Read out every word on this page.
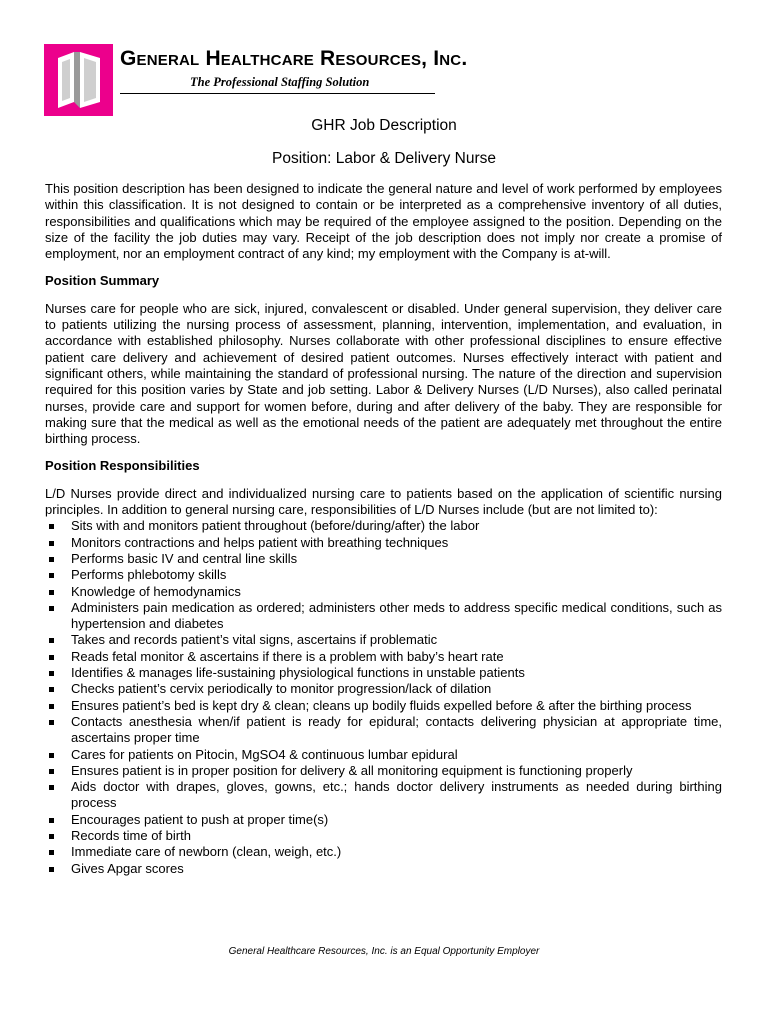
General Healthcare Resources, Inc.
The Professional Staffing Solution
GHR Job Description
Position: Labor & Delivery Nurse

This position description has been designed to indicate the general nature and level of work performed by employees within this classification. It is not designed to contain or be interpreted as a comprehensive inventory of all duties, responsibilities and qualifications which may be required of the employee assigned to the position. Depending on the size of the facility the job duties may vary. Receipt of the job description does not imply nor create a promise of employment, nor an employment contract of any kind; my employment with the Company is at-will.

Position Summary

Nurses care for people who are sick, injured, convalescent or disabled. Under general supervision, they deliver care to patients utilizing the nursing process of assessment, planning, intervention, implementation, and evaluation, in accordance with established philosophy. Nurses collaborate with other professional disciplines to ensure effective patient care delivery and achievement of desired patient outcomes. Nurses effectively interact with patient and significant others, while maintaining the standard of professional nursing. The nature of the direction and supervision required for this position varies by State and job setting. Labor & Delivery Nurses (L/D Nurses), also called perinatal nurses, provide care and support for women before, during and after delivery of the baby. They are responsible for making sure that the medical as well as the emotional needs of the patient are adequately met throughout the entire birthing process.

Position Responsibilities

L/D Nurses provide direct and individualized nursing care to patients based on the application of scientific nursing principles. In addition to general nursing care, responsibilities of L/D Nurses include (but are not limited to):

Sits with and monitors patient throughout (before/during/after) the labor
Monitors contractions and helps patient with breathing techniques
Performs basic IV and central line skills
Performs phlebotomy skills
Knowledge of hemodynamics
Administers pain medication as ordered; administers other meds to address specific medical conditions, such as hypertension and diabetes
Takes and records patient’s vital signs, ascertains if problematic
Reads fetal monitor & ascertains if there is a problem with baby’s heart rate
Identifies & manages life-sustaining physiological functions in unstable patients
Checks patient’s cervix periodically to monitor progression/lack of dilation
Ensures patient’s bed is kept dry & clean; cleans up bodily fluids expelled before & after the birthing process
Contacts anesthesia when/if patient is ready for epidural; contacts delivering physician at appropriate time, ascertains proper time
Cares for patients on Pitocin, MgSO4 & continuous lumbar epidural
Ensures patient is in proper position for delivery & all monitoring equipment is functioning properly
Aids doctor with drapes, gloves, gowns, etc.; hands doctor delivery instruments as needed during birthing process
Encourages patient to push at proper time(s)
Records time of birth
Immediate care of newborn (clean, weigh, etc.)
Gives Apgar scores
General Healthcare Resources, Inc. is an Equal Opportunity Employer
